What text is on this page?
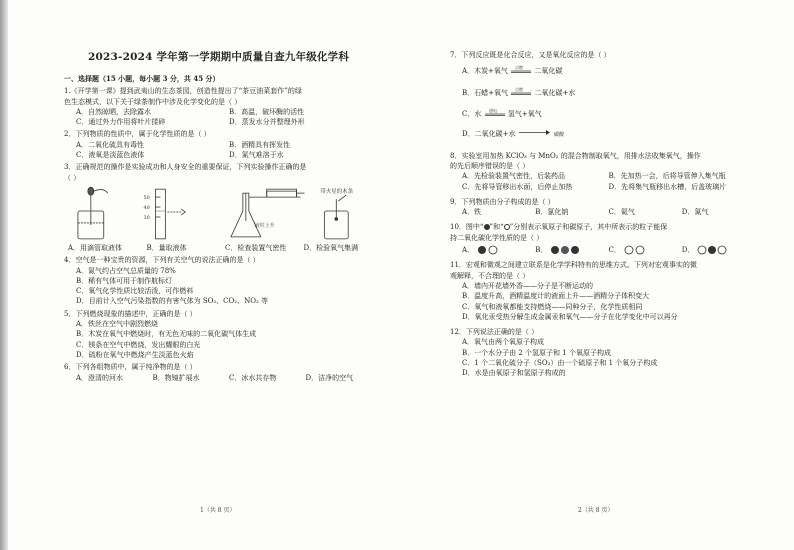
2023-2024 学年第一学期期中质量自查九年级化学科
一、选择题（15 小题，每小题 3 分，共 45 分）
1.《开学第一课》提到武夷山的生态茶园，创造性提出了“茶豆油菜套作”的绿
色生态模式，以下关于绿茶制作中涉及化学变化的是（ ）
A．自然晾晒，去除露水	B．高温，破坏酶的活性
C．通过外力作用将叶片揉碎	D．蒸发水分并整理外形
2．下列物质的性质中，属于化学性质的是（ ）
A．二氧化硫具有毒性	B．酒精具有挥发性
C．液氧是淡蓝色液体	D．氮气难溶于水
3．正确规范的操作是实验成功和人身安全的重要保证，下列实验操作正确的是
（ ）
50
40
30
液柱上升
带火星的木条
A．用滴管取液体	B．量取液体	C．检查装置气密性	D．检验氧气集满
4．空气是一种宝贵的资源，下列有关空气的说法正确的是（ ）
A．氮气约占空气总质量的 78%
B．稀有气体可用于制作航标灯
C．氧气化学性质比较活泼，可作燃料
D．目前计入空气污染指数的有害气体为 SO₂、CO₂、NO₂ 等
5．下列燃烧现象的描述中，正确的是（ ）
A．铁丝在空气中剧烈燃烧
B．木炭在氧气中燃烧时，有无色无味的二氧化碳气体生成
C．镁条在空气中燃烧，发出耀眼的白光
D．硫粉在氧气中燃烧产生淡蓝色火焰
6．下列各组物质中，属于纯净物的是（ ）
A．澄清的河水	B．物镜扩展水	C．冰水共存物	D．洁净的空气
1（共 8 页）
7．下列反应既是化合反应，又是氧化反应的是（ ）
A．木炭+氧气 点燃 二氧化碳
B．石蜡+氧气 点燃 二氧化碳+水
C．水 通电 氢气+氧气
D．二氧化碳+水	碳酸
8．实验室用加热 KClO₃ 与 MnO₂ 的混合物制取氧气，用排水法收集氧气，操作
的先后顺序错误的是（ ）
A．先检验装置气密性，后装药品	B．先加热一会，后将导管伸入集气瓶
C．先将导管移出水面，后停止加热	D．先将集气瓶移出水槽，后盖玻璃片
9．下列物质由分子构成的是（ ）
A．铁	B．氯化钠	C．氦气	D．氮气
10．图中“ ”和“ ”分别表示氧原子和碳原子，其中所表示的粒子能保
持二氧化碳化学性质的是（ ）
A．	B．	C．	D．
11．宏观和微观之间建立联系是化学学科特有的思维方式。下列对宏观事实的微
观解释，不合理的是（ ）
A．墙内开花墙外香——分子是不断运动的
B．温度升高，酒精温度计的液面上升——酒精分子体积变大
C．氧气和液氧都能支持燃烧——同种分子，化学性质相同
D．氧化汞受热分解生成金属汞和氧气——分子在化学变化中可以再分
12．下列说法正确的是（ ）
A．氧气由两个氧原子构成
B．一个水分子由 2 个氢原子和 1 个氧原子构成
C．1 个二氧化硫分子（SO₂）由一个硫原子和 1 个氧分子构成
D．水是由氧原子和氢原子构成的
2（共 8 页）
